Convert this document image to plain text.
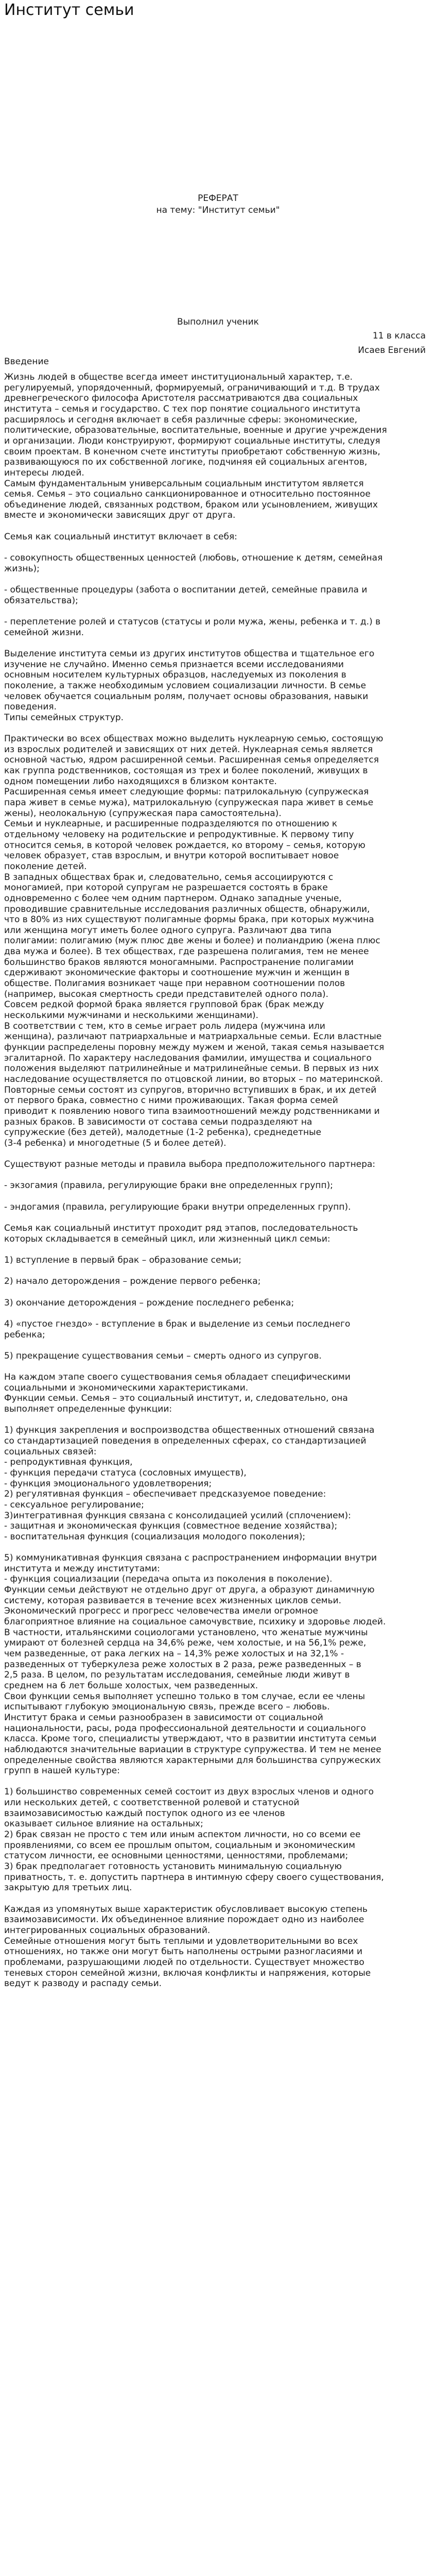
Институт семьи
РЕФЕРАТ
на тему: "Институт семьи"
Выполнил ученик
11 в класса
Исаев Евгений
Введение
Жизнь людей в обществе всегда имеет институциональный характер, т.е.
регулируемый, упорядоченный, формируемый, ограничивающий и т.д. В трудах
древнегреческого философа Аристотеля рассматриваются два социальных
института – семья и государство. С тех пор понятие социального института
расширялось и сегодня включает в себя различные сферы: экономические,
политические, образовательные, воспитательные, военные и другие учреждения
и организации. Люди конструируют, формируют социальные институты, следуя
своим проектам. В конечном счете институты приобретают собственную жизнь,
развивающуюся по их собственной логике, подчиняя ей социальных агентов,
интересы людей.
Самым фундаментальным универсальным социальным институтом является
семья. Семья – это социально санкционированное и относительно постоянное
объединение людей, связанных родством, браком или усыновлением, живущих
вместе и экономически зависящих друг от друга.
Семья как социальный институт включает в себя:
- совокупность общественных ценностей (любовь, отношение к детям, семейная
жизнь);
- общественные процедуры (забота о воспитании детей, семейные правила и
обязательства);
- переплетение ролей и статусов (статусы и роли мужа, жены, ребенка и т. д.) в
семейной жизни.
Выделение института семьи из других институтов общества и тщательное его
изучение не случайно. Именно семья признается всеми исследованиями
основным носителем культурных образцов, наследуемых из поколения в
поколение, а также необходимым условием социализации личности. В семье
человек обучается социальным ролям, получает основы образования, навыки
поведения.
Типы семейных структур.
Практически во всех обществах можно выделить нуклеарную семью, состоящую
из взрослых родителей и зависящих от них детей. Нуклеарная семья является
основной частью, ядром расширенной семьи. Расширенная семья определяется
как группа родственников, состоящая из трех и более поколений, живущих в
одном помещении либо находящихся в близком контакте.
Расширенная семья имеет следующие формы: патрилокальную (супружеская
пара живет в семье мужа), матрилокальную (супружеская пара живет в семье
жены), неолокальную (супружеская пара самостоятельна).
Семьи и нуклеарные, и расширенные подразделяются по отношению к
отдельному человеку на родительские и репродуктивные. К первому типу
относится семья, в которой человек рождается, ко второму – семья, которую
человек образует, став взрослым, и внутри которой воспитывает новое
поколение детей.
В западных обществах брак и, следовательно, семья ассоциируются с
моногамией, при которой супругам не разрешается состоять в браке
одновременно с более чем одним партнером. Однако западные ученые,
проводившие сравнительные исследования различных обществ, обнаружили,
что в 80% из них существуют полигамные формы брака, при которых мужчина
или женщина могут иметь более одного супруга. Различают два типа
полигамии: полигамию (муж плюс две жены и более) и полиандрию (жена плюс
два мужа и более). В тех обществах, где разрешена полигамия, тем не менее
большинство браков являются моногамными. Распространение полигамии
сдерживают экономические факторы и соотношение мужчин и женщин в
обществе. Полигамия возникает чаще при неравном соотношении полов
(например, высокая смертность среди представителей одного пола).
Совсем редкой формой брака является групповой брак (брак между
несколькими мужчинами и несколькими женщинами).
В соответствии с тем, кто в семье играет роль лидера (мужчина или
женщина), различают патриархальные и матриархальные семьи. Если властные
функции распределены поровну между мужем и женой, такая семья называется
эгалитарной. По характеру наследования фамилии, имущества и социального
положения выделяют патрилинейные и матрилинейные семьи. В первых из них
наследование осуществляется по отцовской линии, во вторых – по материнской.
Повторные семьи состоят из супругов, вторично вступивших в брак, и их детей
от первого брака, совместно с ними проживающих. Такая форма семей
приводит к появлению нового типа взаимоотношений между родственниками и
разных браков. В зависимости от состава семьи подразделяют на
супружеские (без детей), малодетные (1-2 ребенка), среднедетные
(3-4 ребенка) и многодетные (5 и более детей).
Существуют разные методы и правила выбора предположительного партнера:
- экзогамия (правила, регулирующие браки вне определенных групп);
- эндогамия (правила, регулирующие браки внутри определенных групп).
Семья как социальный институт проходит ряд этапов, последовательность
которых складывается в семейный цикл, или жизненный цикл семьи:
1) вступление в первый брак – образование семьи;
2) начало деторождения – рождение первого ребенка;
3) окончание деторождения – рождение последнего ребенка;
4) «пустое гнездо» - вступление в брак и выделение из семьи последнего
ребенка;
5) прекращение существования семьи – смерть одного из супругов.
На каждом этапе своего существования семья обладает специфическими
социальными и экономическими характеристиками.
Функции семьи. Семья – это социальный институт, и, следовательно, она
выполняет определенные функции:
1) функция закрепления и воспроизводства общественных отношений связана
со стандартизацией поведения в определенных сферах, со стандартизацией
социальных связей:
- репродуктивная функция,
- функция передачи статуса (сословных имуществ),
- функция эмоционального удовлетворения;
2) регулятивная функция – обеспечивает предсказуемое поведение:
- сексуальное регулирование;
3)интегративная функция связана с консолидацией усилий (сплочением):
- защитная и экономическая функция (совместное ведение хозяйства);
- воспитательная функция (социализация молодого поколения);
5) коммуникативная функция связана с распространением информации внутри
института и между институтами:
- функция социализации (передача опыта из поколения в поколение).
Функции семьи действуют не отдельно друг от друга, а образуют динамичную
систему, которая развивается в течение всех жизненных циклов семьи.
Экономический прогресс и прогресс человечества имели огромное
благоприятное влияние на социальное самочувствие, психику и здоровье людей.
В частности, итальянскими социологами установлено, что женатые мужчины
умирают от болезней сердца на 34,6% реже, чем холостые, и на 56,1% реже,
чем разведенные, от рака легких на – 14,3% реже холостых и на 32,1% -
разведенных от туберкулеза реже холостых в 2 раза, реже разведенных – в
2,5 раза. В целом, по результатам исследования, семейные люди живут в
среднем на 6 лет больше холостых, чем разведенных.
Свои функции семья выполняет успешно только в том случае, если ее члены
испытывают глубокую эмоциональную связь, прежде всего – любовь.
Институт брака и семьи разнообразен в зависимости от социальной
национальности, расы, рода профессиональной деятельности и социального
класса. Кроме того, специалисты утверждают, что в развитии института семьи
наблюдаются значительные вариации в структуре супружества. И тем не менее
определенные свойства являются характерными для большинства супружеских
групп в нашей культуре:
1) большинство современных семей состоит из двух взрослых членов и одного
или нескольких детей, с соответственной ролевой и статусной
взаимозависимостью каждый поступок одного из ее членов
оказывает сильное влияние на остальных;
2) брак связан не просто с тем или иным аспектом личности, но со всеми ее
проявлениями, со всем ее прошлым опытом, социальным и экономическим
статусом личности, ее основными ценностями, ценностями, проблемами;
3) брак предполагает готовность установить минимальную социальную
приватность, т. е. допустить партнера в интимную сферу своего существования,
закрытую для третьих лиц.
Каждая из упомянутых выше характеристик обусловливает высокую степень
взаимозависимости. Их объединенное влияние порождает одно из наиболее
интегрированных социальных образований.
Семейные отношения могут быть теплыми и удовлетворительными во всех
отношениях, но также они могут быть наполнены острыми разногласиями и
проблемами, разрушающими людей по отдельности. Существует множество
теневых сторон семейной жизни, включая конфликты и напряжения, которые
ведут к разводу и распаду семьи.
